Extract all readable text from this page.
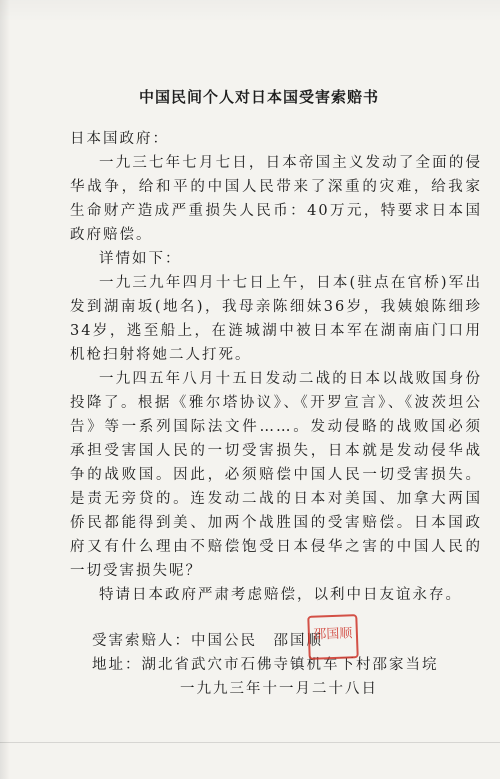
中国民间个人对日本国受害索赔书

日本国政府：

一九三七年七月七日，日本帝国主义发动了全面的侵华战争，给和平的中国人民带来了深重的灾难，给我家生命财产造成严重损失人民币：40万元，特要求日本国政府赔偿。

详情如下：

一九三九年四月十七日上午，日本(驻点在官桥)军出发到湖南坂(地名)，我母亲陈细妹36岁，我姨娘陈细珍34岁，逃至船上，在涟城湖中被日本军在湖南庙门口用机枪扫射将她二人打死。

一九四五年八月十五日发动二战的日本以战败国身份投降了。根据《雅尔塔协议》、《开罗宣言》、《波茨坦公告》等一系列国际法文件……。发动侵略的战败国必须承担受害国人民的一切受害损失，日本就是发动侵华战争的战败国。因此，必须赔偿中国人民一切受害损失。是责无旁贷的。连发动二战的日本对美国、加拿大两国侨民都能得到美、加两个战胜国的受害赔偿。日本国政府又有什么理由不赔偿饱受日本侵华之害的中国人民的一切受害损失呢？

特请日本政府严肃考虑赔偿，以利中日友谊永存。

受害索赔人：中国公民　邵国顺

邵国顺

地址：湖北省武穴市石佛寺镇机车下村邵家当垸

一九九三年十一月二十八日
